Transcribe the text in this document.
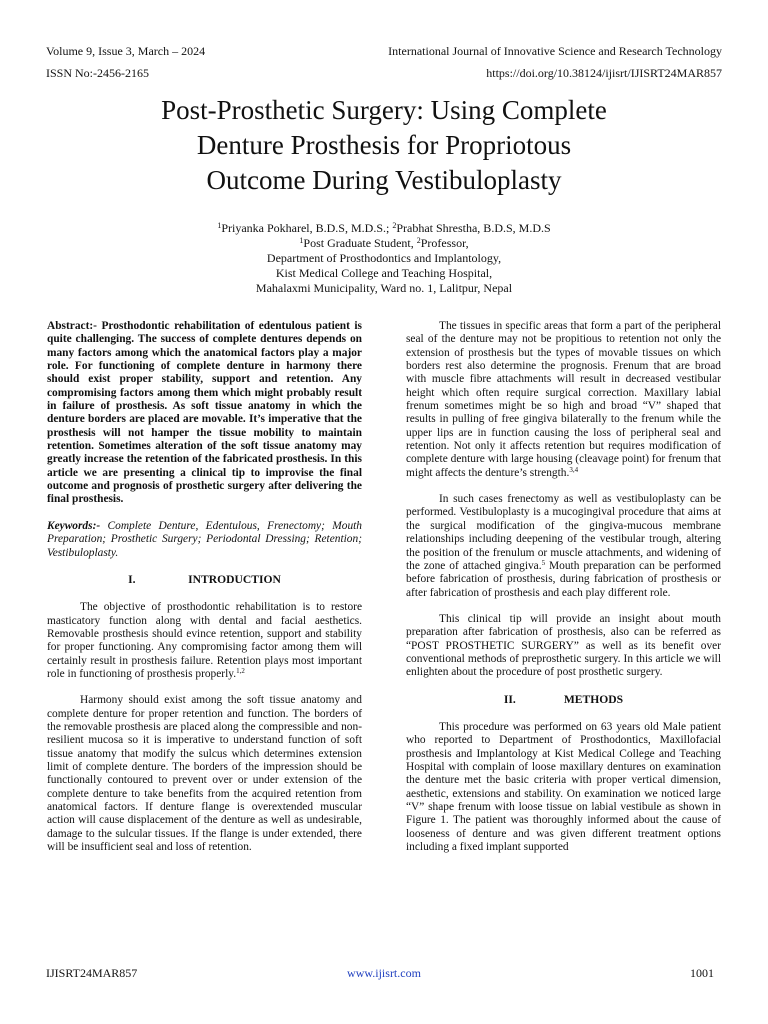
Volume 9, Issue 3, March – 2024
ISSN No:-2456-2165
International Journal of Innovative Science and Research Technology
https://doi.org/10.38124/ijisrt/IJISRT24MAR857
Post-Prosthetic Surgery: Using Complete
Denture Prosthesis for Propriotous
Outcome During Vestibuloplasty
$^1$Priyanka Pokharel, B.D.S, M.D.S.; $^2$Prabhat Shrestha, B.D.S, M.D.S
$^1$Post Graduate Student, $^2$Professor,
Department of Prosthodontics and Implantology,
Kist Medical College and Teaching Hospital,
Mahalaxmi Municipality, Ward no. 1, Lalitpur, Nepal

Abstract:- Prosthodontic rehabilitation of edentulous patient is quite challenging. The success of complete dentures depends on many factors among which the anatomical factors play a major role. For functioning of complete denture in harmony there should exist proper stability, support and retention. Any compromising factors among them which might probably result in failure of prosthesis. As soft tissue anatomy in which the denture borders are placed are movable. It’s imperative that the prosthesis will not hamper the tissue mobility to maintain retention. Sometimes alteration of the soft tissue anatomy may greatly increase the retention of the fabricated prosthesis. In this article we are presenting a clinical tip to improvise the final outcome and prognosis of prosthetic surgery after delivering the final prosthesis.

Keywords:- Complete Denture, Edentulous, Frenectomy; Mouth Preparation; Prosthetic Surgery; Periodontal Dressing; Retention; Vestibuloplasty.

I.	INTRODUCTION

The objective of prosthodontic rehabilitation is to restore masticatory function along with dental and facial aesthetics. Removable prosthesis should evince retention, support and stability for proper functioning. Any compromising factor among them will certainly result in prosthesis failure. Retention plays most important role in functioning of prosthesis properly.$^{1,2}$

Harmony should exist among the soft tissue anatomy and complete denture for proper retention and function. The borders of the removable prosthesis are placed along the compressible and non-resilient mucosa so it is imperative to understand function of soft tissue anatomy that modify the sulcus which determines extension limit of complete denture. The borders of the impression should be functionally contoured to prevent over or under extension of the complete denture to take benefits from the acquired retention from anatomical factors. If denture flange is overextended muscular action will cause displacement of the denture as well as undesirable, damage to the sulcular tissues. If the flange is under extended, there will be insufficient seal and loss of retention.

The tissues in specific areas that form a part of the peripheral seal of the denture may not be propitious to retention not only the extension of prosthesis but the types of movable tissues on which borders rest also determine the prognosis. Frenum that are broad with muscle fibre attachments will result in decreased vestibular height which often require surgical correction. Maxillary labial frenum sometimes might be so high and broad “V” shaped that results in pulling of free gingiva bilaterally to the frenum while the upper lips are in function causing the loss of peripheral seal and retention. Not only it affects retention but requires modification of complete denture with large housing (cleavage point) for frenum that might affects the denture’s strength.$^{3,4}$

In such cases frenectomy as well as vestibuloplasty can be performed. Vestibuloplasty is a mucogingival procedure that aims at the surgical modification of the gingiva-mucous membrane relationships including deepening of the vestibular trough, altering the position of the frenulum or muscle attachments, and widening of the zone of attached gingiva.$^5$ Mouth preparation can be performed before fabrication of prosthesis, during fabrication of prosthesis or after fabrication of prosthesis and each play different role.

This clinical tip will provide an insight about mouth preparation after fabrication of prosthesis, also can be referred as “POST PROSTHETIC SURGERY” as well as its benefit over conventional methods of preprosthetic surgery. In this article we will enlighten about the procedure of post prosthetic surgery.

II.	METHODS

This procedure was performed on 63 years old Male patient who reported to Department of Prosthodontics, Maxillofacial prosthesis and Implantology at Kist Medical College and Teaching Hospital with complain of loose maxillary dentures on examination the denture met the basic criteria with proper vertical dimension, aesthetic, extensions and stability. On examination we noticed large “V” shape frenum with loose tissue on labial vestibule as shown in Figure 1. The patient was thoroughly informed about the cause of looseness of denture and was given different treatment options including a fixed implant supported

IJISRT24MAR857	www.ijisrt.com	1001
